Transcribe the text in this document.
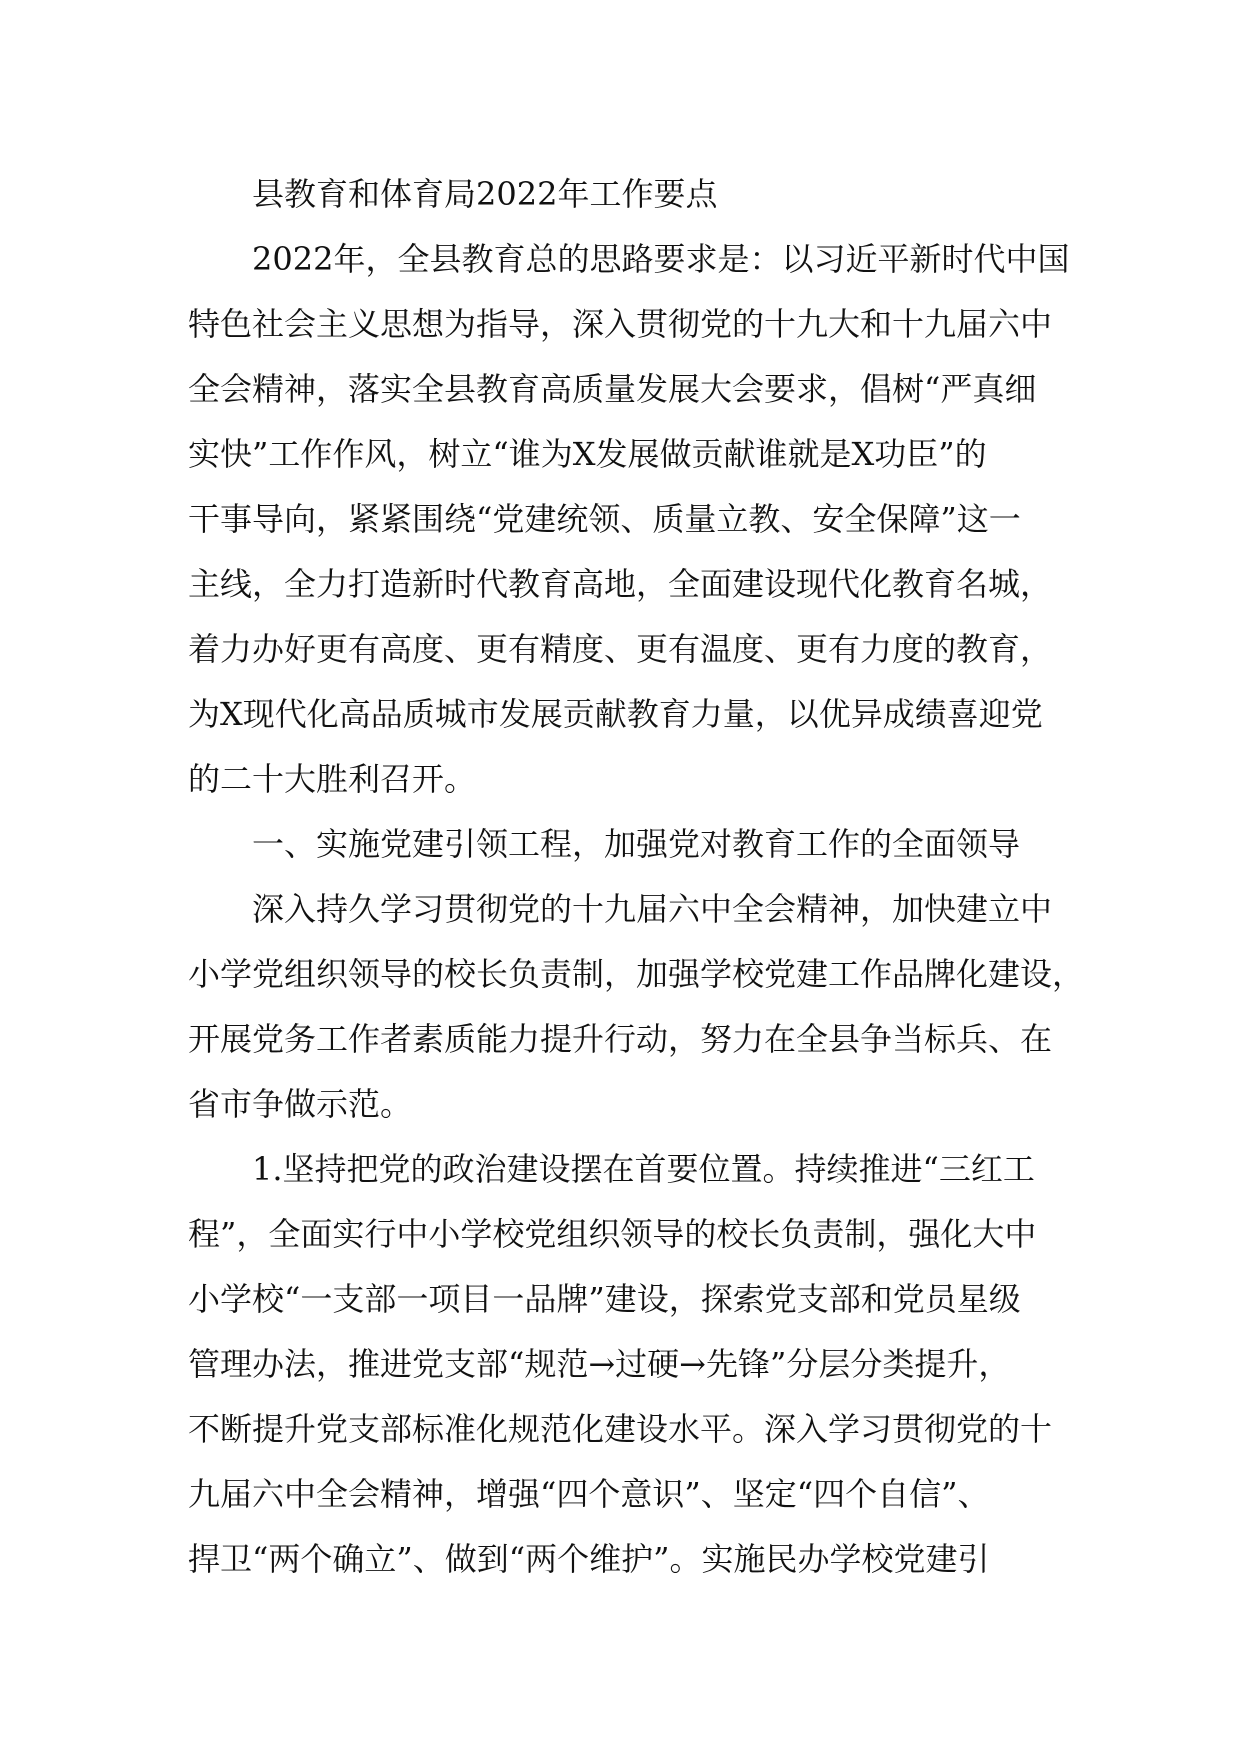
县教育和体育局2022年工作要点
2022年，全县教育总的思路要求是：以习近平新时代中国
特色社会主义思想为指导，深入贯彻党的十九大和十九届六中
全会精神，落实全县教育高质量发展大会要求，倡树“严真细
实快”工作作风，树立“谁为X发展做贡献谁就是X功臣”的
干事导向，紧紧围绕“党建统领、质量立教、安全保障”这一
主线，全力打造新时代教育高地，全面建设现代化教育名城，
着力办好更有高度、更有精度、更有温度、更有力度的教育，
为X现代化高品质城市发展贡献教育力量，以优异成绩喜迎党
的二十大胜利召开。
一、实施党建引领工程，加强党对教育工作的全面领导
深入持久学习贯彻党的十九届六中全会精神，加快建立中
小学党组织领导的校长负责制，加强学校党建工作品牌化建设，
开展党务工作者素质能力提升行动，努力在全县争当标兵、在
省市争做示范。
1.坚持把党的政治建设摆在首要位置。持续推进“三红工
程”，全面实行中小学校党组织领导的校长负责制，强化大中
小学校“一支部一项目一品牌”建设，探索党支部和党员星级
管理办法，推进党支部“规范→过硬→先锋”分层分类提升，
不断提升党支部标准化规范化建设水平。深入学习贯彻党的十
九届六中全会精神，增强“四个意识”、坚定“四个自信”、
捍卫“两个确立”、做到“两个维护”。实施民办学校党建引
